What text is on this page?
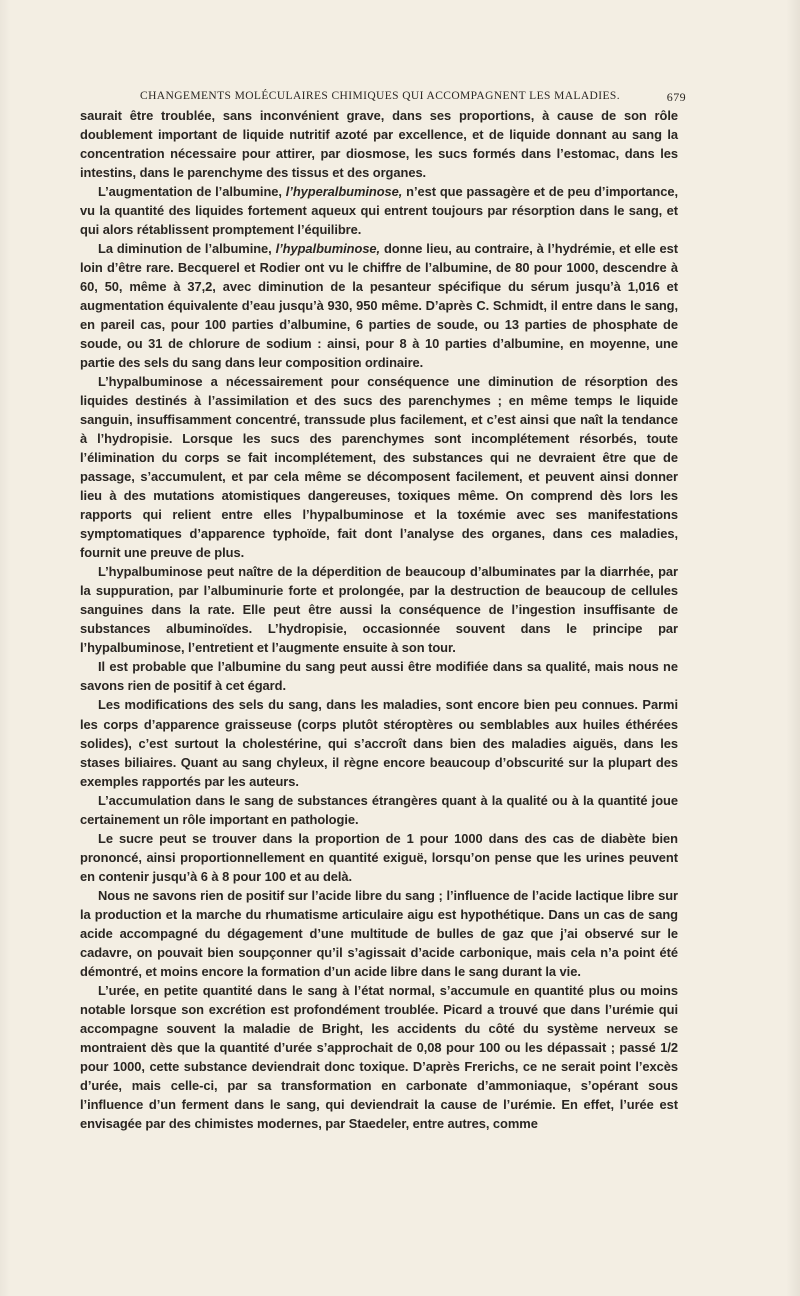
CHANGEMENTS MOLÉCULAIRES CHIMIQUES QUI ACCOMPAGNENT LES MALADIES.	679

saurait être troublée, sans inconvénient grave, dans ses proportions, à cause de son rôle doublement important de liquide nutritif azoté par excellence, et de liquide donnant au sang la concentration nécessaire pour attirer, par diosmose, les sucs formés dans l’estomac, dans les intestins, dans le parenchyme des tissus et des organes.

L’augmentation de l’albumine, l’hyperalbuminose, n’est que passagère et de peu d’importance, vu la quantité des liquides fortement aqueux qui entrent toujours par résorption dans le sang, et qui alors rétablissent promptement l’équilibre.

La diminution de l’albumine, l’hypalbuminose, donne lieu, au contraire, à l’hydrémie, et elle est loin d’être rare. Becquerel et Rodier ont vu le chiffre de l’albumine, de 80 pour 1000, descendre à 60, 50, même à 37,2, avec diminution de la pesanteur spécifique du sérum jusqu’à 1,016 et augmentation équivalente d’eau jusqu’à 930, 950 même. D’après C. Schmidt, il entre dans le sang, en pareil cas, pour 100 parties d’albumine, 6 parties de soude, ou 13 parties de phosphate de soude, ou 31 de chlorure de sodium : ainsi, pour 8 à 10 parties d’albumine, en moyenne, une partie des sels du sang dans leur composition ordinaire.

L’hypalbuminose a nécessairement pour conséquence une diminution de résorption des liquides destinés à l’assimilation et des sucs des parenchymes ; en même temps le liquide sanguin, insuffisamment concentré, transsude plus facilement, et c’est ainsi que naît la tendance à l’hydropisie. Lorsque les sucs des parenchymes sont incomplétement résorbés, toute l’élimination du corps se fait incomplétement, des substances qui ne devraient être que de passage, s’accumulent, et par cela même se décomposent facilement, et peuvent ainsi donner lieu à des mutations atomistiques dangereuses, toxiques même. On comprend dès lors les rapports qui relient entre elles l’hypalbuminose et la toxémie avec ses manifestations symptomatiques d’apparence typhoïde, fait dont l’analyse des organes, dans ces maladies, fournit une preuve de plus.

L’hypalbuminose peut naître de la déperdition de beaucoup d’albuminates par la diarrhée, par la suppuration, par l’albuminurie forte et prolongée, par la destruction de beaucoup de cellules sanguines dans la rate. Elle peut être aussi la conséquence de l’ingestion insuffisante de substances albuminoïdes. L’hydropisie, occasionnée souvent dans le principe par l’hypalbuminose, l’entretient et l’augmente ensuite à son tour.

Il est probable que l’albumine du sang peut aussi être modifiée dans sa qualité, mais nous ne savons rien de positif à cet égard.

Les modifications des sels du sang, dans les maladies, sont encore bien peu connues. Parmi les corps d’apparence graisseuse (corps plutôt stéroptères ou semblables aux huiles éthérées solides), c’est surtout la cholestérine, qui s’accroît dans bien des maladies aiguës, dans les stases biliaires. Quant au sang chyleux, il règne encore beaucoup d’obscurité sur la plupart des exemples rapportés par les auteurs.

L’accumulation dans le sang de substances étrangères quant à la qualité ou à la quantité joue certainement un rôle important en pathologie.

Le sucre peut se trouver dans la proportion de 1 pour 1000 dans des cas de diabète bien prononcé, ainsi proportionnellement en quantité exiguë, lorsqu’on pense que les urines peuvent en contenir jusqu’à 6 à 8 pour 100 et au delà.

Nous ne savons rien de positif sur l’acide libre du sang ; l’influence de l’acide lactique libre sur la production et la marche du rhumatisme articulaire aigu est hypothétique. Dans un cas de sang acide accompagné du dégagement d’une multitude de bulles de gaz que j’ai observé sur le cadavre, on pouvait bien soupçonner qu’il s’agissait d’acide carbonique, mais cela n’a point été démontré, et moins encore la formation d’un acide libre dans le sang durant la vie.

L’urée, en petite quantité dans le sang à l’état normal, s’accumule en quantité plus ou moins notable lorsque son excrétion est profondément troublée. Picard a trouvé que dans l’urémie qui accompagne souvent la maladie de Bright, les accidents du côté du système nerveux se montraient dès que la quantité d’urée s’approchait de 0,08 pour 100 ou les dépassait ; passé 1/2 pour 1000, cette substance deviendrait donc toxique. D’après Frerichs, ce ne serait point l’excès d’urée, mais celle-ci, par sa transformation en carbonate d’ammoniaque, s’opérant sous l’influence d’un ferment dans le sang, qui deviendrait la cause de l’urémie. En effet, l’urée est envisagée par des chimistes modernes, par Staedeler, entre autres, comme
